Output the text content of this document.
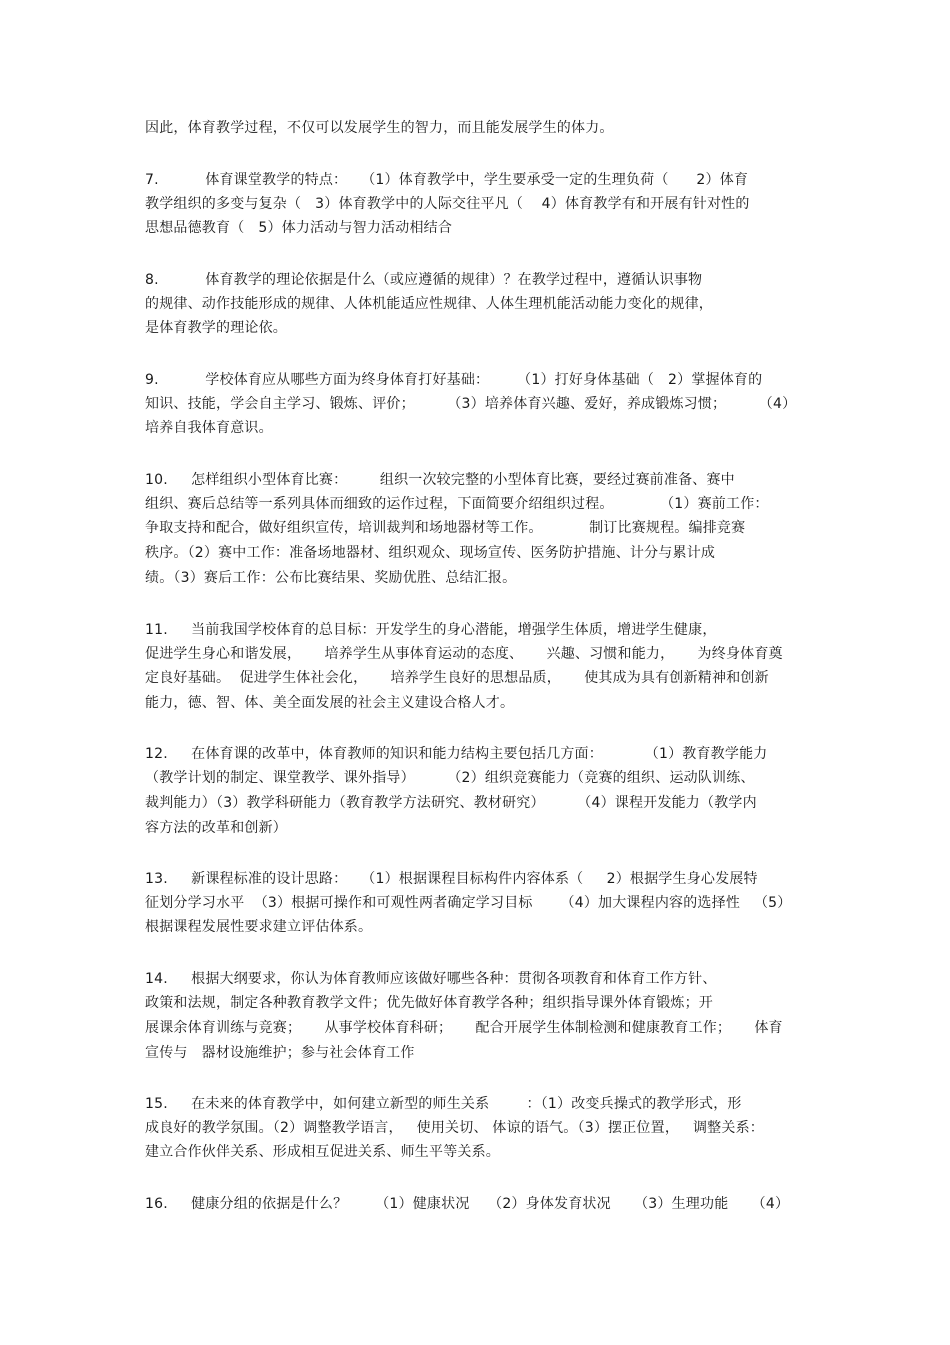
因此，体育教学过程，不仅可以发展学生的智力，而且能发展学生的体力。
7.          体育课堂教学的特点：   （1）体育教学中，学生要承受一定的生理负荷（      2）体育
教学组织的多变与复杂（   3）体育教学中的人际交往平凡（    4）体育教学有和开展有针对性的
思想品德教育（   5）体力活动与智力活动相结合
8.          体育教学的理论依据是什么（或应遵循的规律）？在教学过程中，遵循认识事物
的规律、动作技能形成的规律、人体机能适应性规律、人体生理机能活动能力变化的规律，
是体育教学的理论依。
9.          学校体育应从哪些方面为终身体育打好基础：      （1）打好身体基础（   2）掌握体育的
知识、技能，学会自主学习、锻炼、评价；       （3）培养体育兴趣、爱好，养成锻炼习惯；       （4）
培养自我体育意识。
10.     怎样组织小型体育比赛：       组织一次较完整的小型体育比赛，要经过赛前准备、赛中
组织、赛后总结等一系列具体而细致的运作过程，下面简要介绍组织过程。          （1）赛前工作：
争取支持和配合，做好组织宣传，培训裁判和场地器材等工作。          制订比赛规程。编排竞赛
秩序。（2）赛中工作：准备场地器材、组织观众、现场宣传、医务防护措施、计分与累计成
绩。（3）赛后工作：公布比赛结果、奖励优胜、总结汇报。
11.     当前我国学校体育的总目标：开发学生的身心潜能，增强学生体质，增进学生健康，
促进学生身心和谐发展，     培养学生从事体育运动的态度、     兴趣、习惯和能力，     为终身体育奠
定良好基础。  促进学生体社会化，     培养学生良好的思想品质，     使其成为具有创新精神和创新
能力，德、智、体、美全面发展的社会主义建设合格人才。
12.     在体育课的改革中，体育教师的知识和能力结构主要包括几方面：         （1）教育教学能力
（教学计划的制定、课堂教学、课外指导）       （2）组织竞赛能力（竞赛的组织、运动队训练、
裁判能力）（3）教学科研能力（教育教学方法研究、教材研究）       （4）课程开发能力（教学内
容方法的改革和创新）
13.     新课程标准的设计思路：   （1）根据课程目标构件内容体系（     2）根据学生身心发展特
征划分学习水平  （3）根据可操作和可观性两者确定学习目标      （4）加大课程内容的选择性   （5）
根据课程发展性要求建立评估体系。
14.     根据大纲要求，你认为体育教师应该做好哪些各种：贯彻各项教育和体育工作方针、
政策和法规，制定各种教育教学文件；优先做好体育教学各种；组织指导课外体育锻炼；开
展课余体育训练与竞赛；     从事学校体育科研；     配合开展学生体制检测和健康教育工作；     体育
宣传与   器材设施维护；参与社会体育工作
15.     在未来的体育教学中，如何建立新型的师生关系        ：（1）改变兵操式的教学形式，形
成良好的教学氛围。（2）调整教学语言，   使用关切、 体谅的语气。（3）摆正位置，   调整关系：
建立合作伙伴关系、形成相互促进关系、师生平等关系。
16.     健康分组的依据是什么？      （1）健康状况    （2）身体发育状况     （3）生理功能     （4）
